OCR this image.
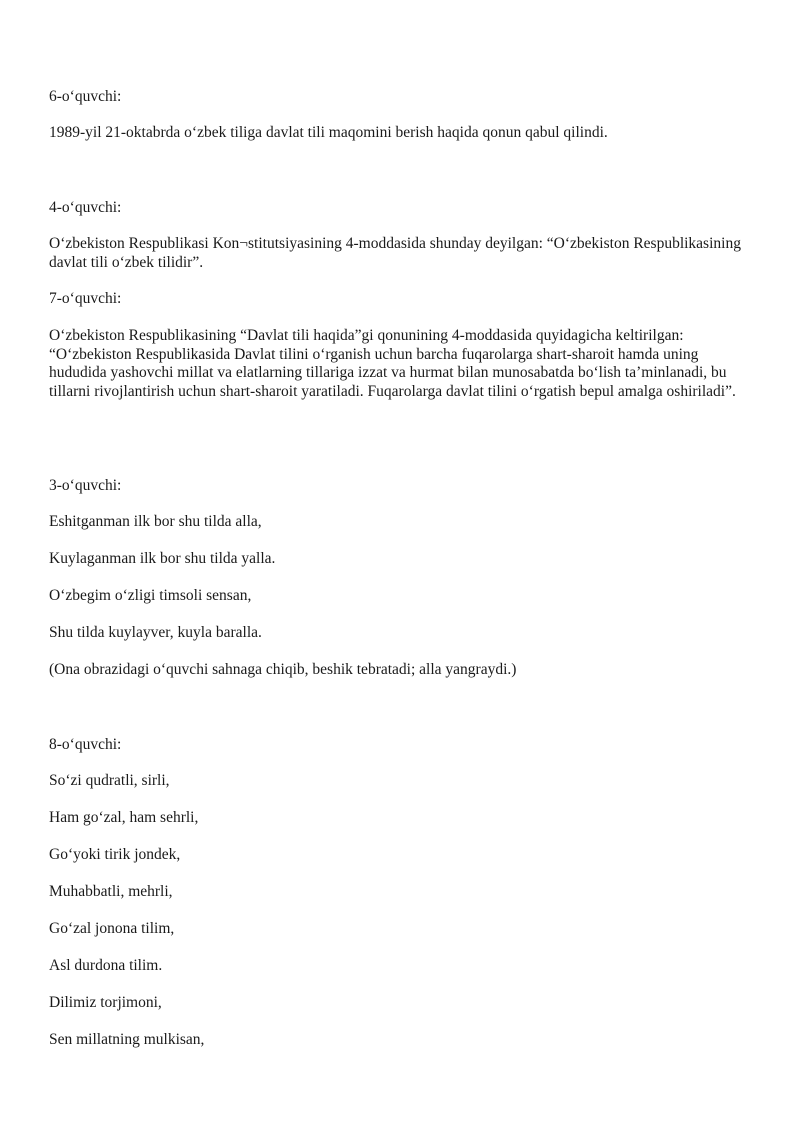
6-o‘quvchi:
1989-yil 21-oktabrda o‘zbek tiliga davlat tili maqomini berish haqida qonun qabul qilindi.
4-o‘quvchi:
O‘zbekiston Respublikasi Kon¬stitutsiyasining 4-moddasida shunday deyilgan: “O‘zbekiston Respublikasining davlat tili o‘zbek tilidir”.
7-o‘quvchi:
O‘zbekiston Respublikasining “Davlat tili haqida”gi qonunining 4-moddasida quyidagicha keltirilgan: “O‘zbekiston Respublikasida Davlat tilini o‘rganish uchun barcha fuqarolarga shart-sharoit hamda uning hududida yashovchi millat va elatlarning tillariga izzat va hurmat bilan munosabatda bo‘lish ta’minlanadi, bu tillarni rivojlantirish uchun shart-sharoit yaratiladi. Fuqarolarga davlat tilini o‘rgatish bepul amalga oshiriladi”.
3-o‘quvchi:
Eshitganman ilk bor shu tilda alla,
Kuylaganman ilk bor shu tilda yalla.
O‘zbegim o‘zligi timsoli sensan,
Shu tilda kuylayver, kuyla baralla.
(Ona obrazidagi o‘quvchi sahnaga chiqib, beshik tebratadi; alla yangraydi.)
8-o‘quvchi:
So‘zi qudratli, sirli,
Ham go‘zal, ham sehrli,
Go‘yoki tirik jondek,
Muhabbatli, mehrli,
Go‘zal jonona tilim,
Asl durdona tilim.
Dilimiz torjimoni,
Sen millatning mulkisan,
